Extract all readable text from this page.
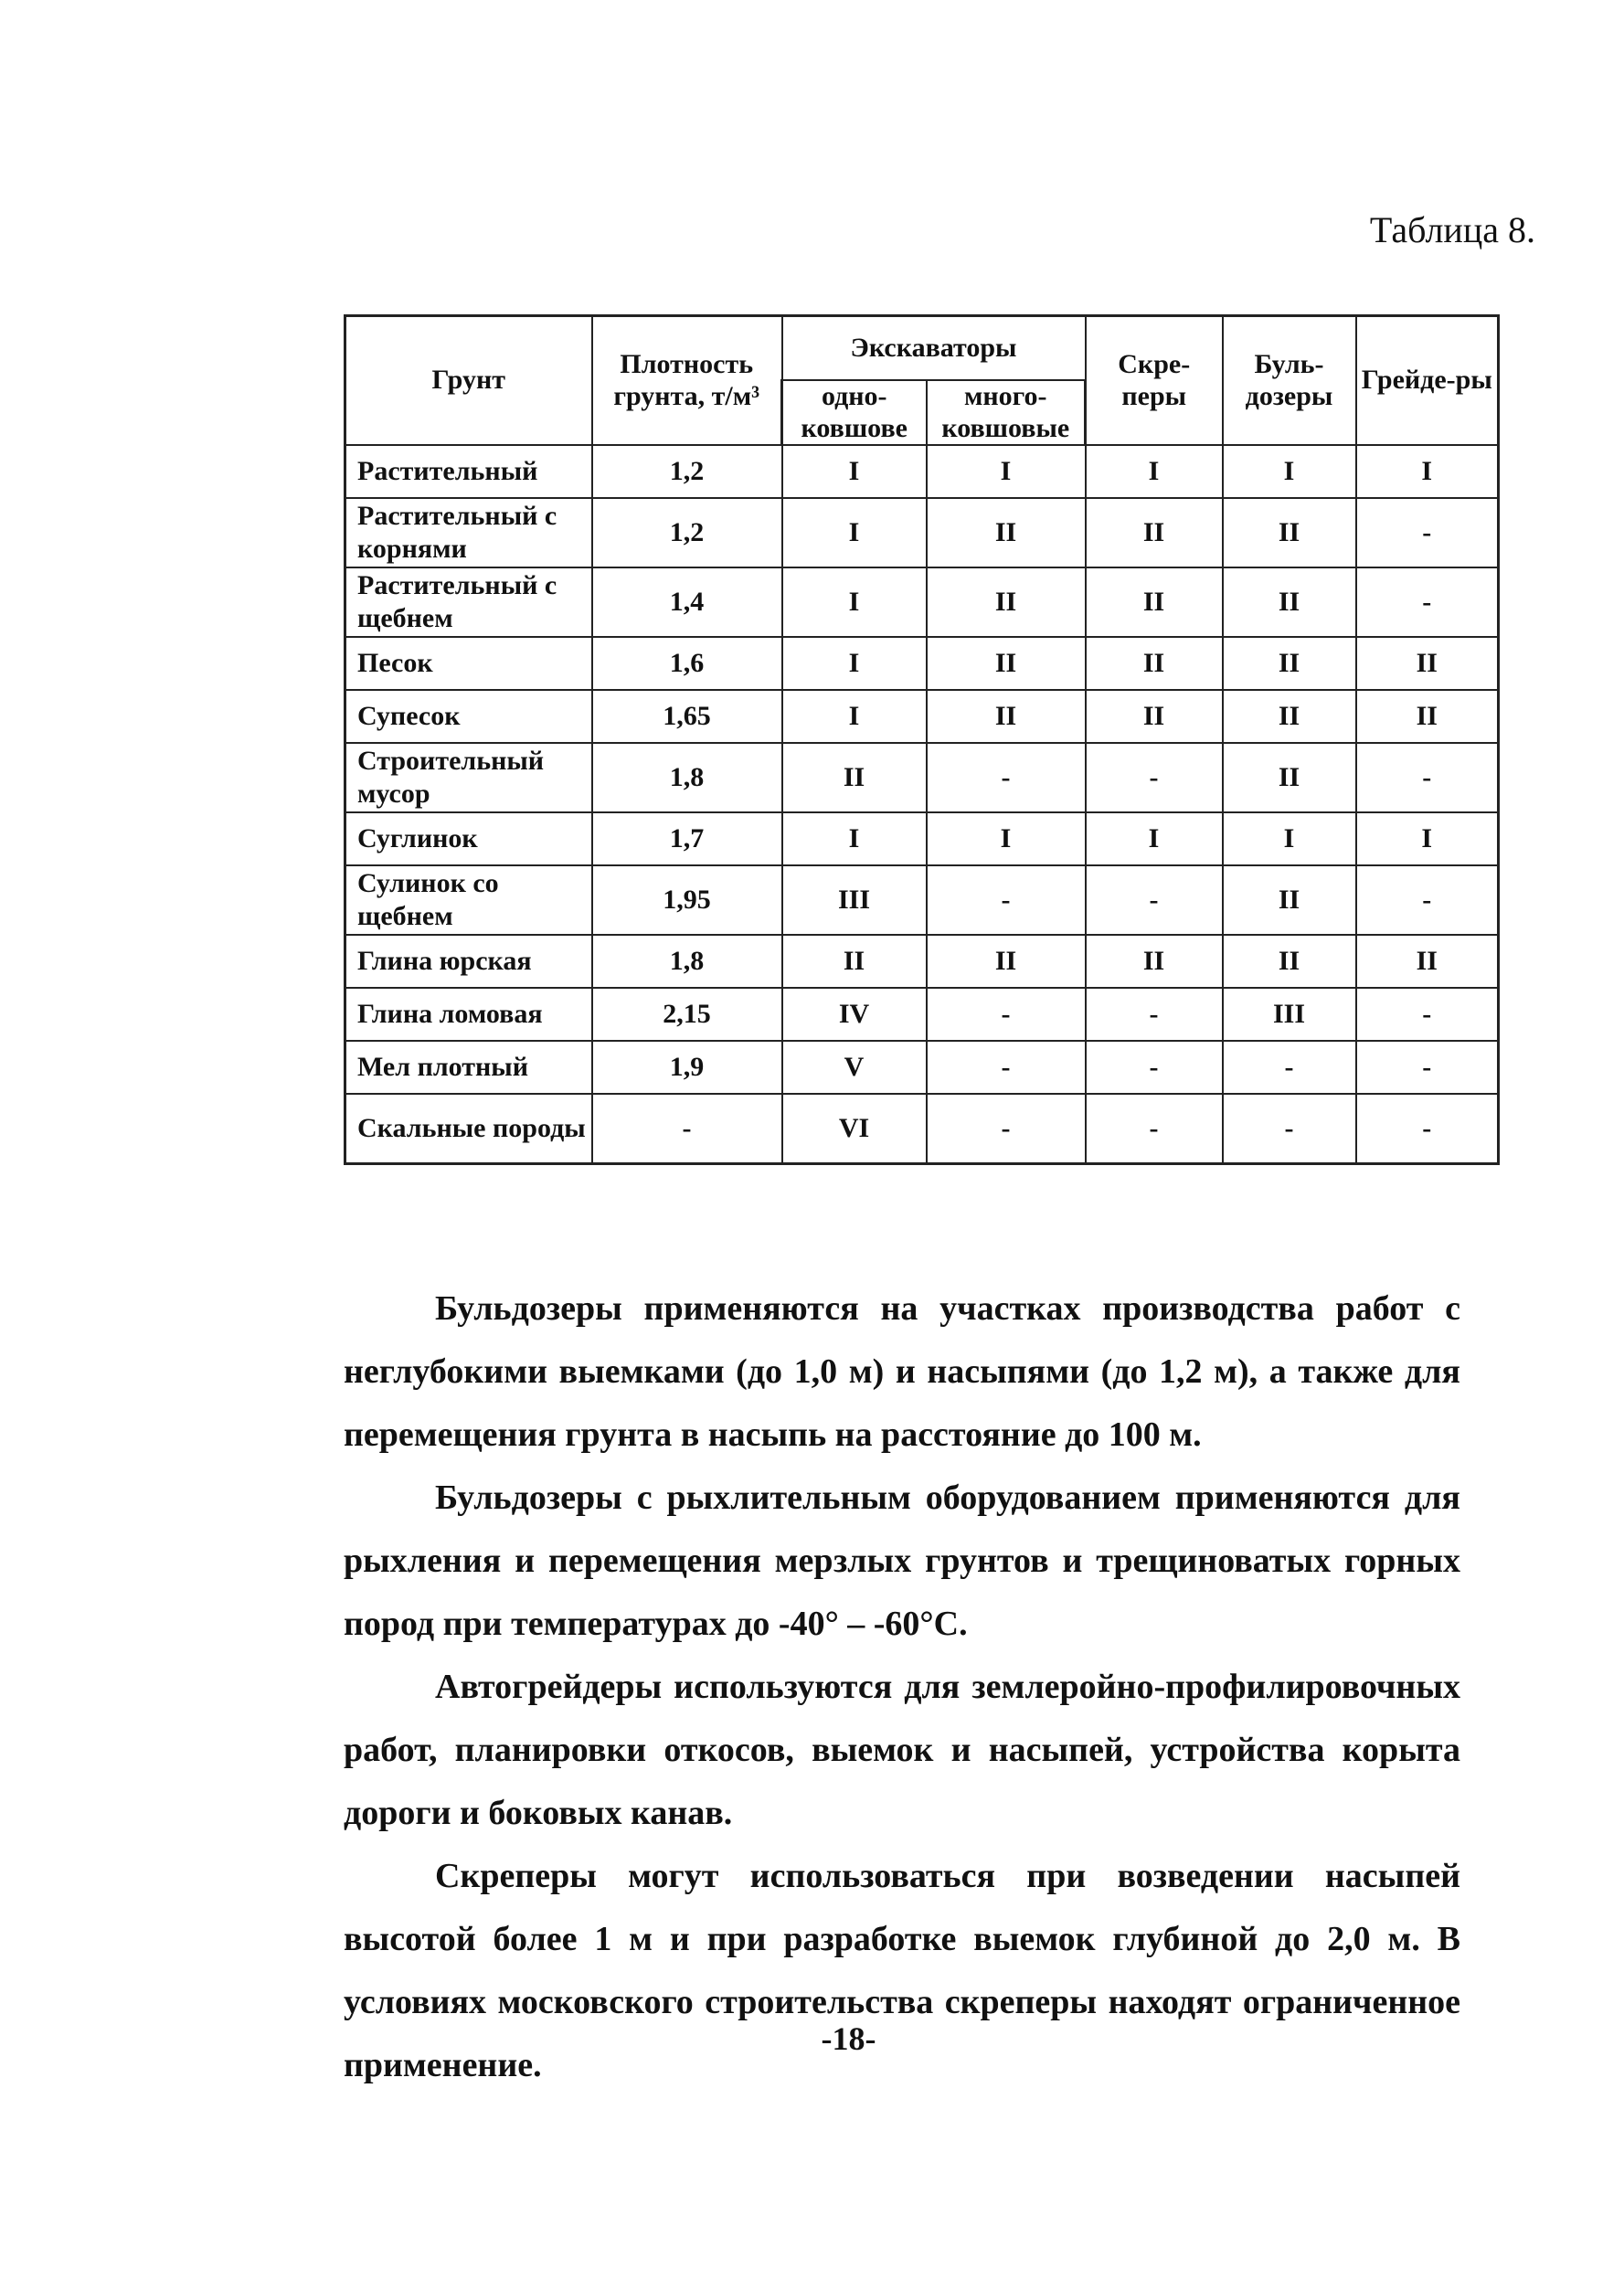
Таблица 8.
Грунт	Плотность грунта, т/м³	Экскаваторы		Скре-перы	Буль-дозеры	Грейде-ры
		одно-ковшове	много-ковшовые			
Растительный	1,2	I	I	I	I	I
Растительный с корнями	1,2	I	II	II	II	-
Растительный с щебнем	1,4	I	II	II	II	-
Песок	1,6	I	II	II	II	II
Супесок	1,65	I	II	II	II	II
Строительный мусор	1,8	II	-	-	II	-
Суглинок	1,7	I	I	I	I	I
Сулинок со щебнем	1,95	III	-	-	II	-
Глина юрская	1,8	II	II	II	II	II
Глина ломовая	2,15	IV	-	-	III	-
Мел плотный	1,9	V	-	-	-	-
Скальные породы	-	VI	-	-	-	-

Бульдозеры применяются на участках производства работ с неглубокими выемками (до 1,0 м) и насыпями (до 1,2 м), а также для перемещения грунта в насыпь на расстояние до 100 м.

Бульдозеры с рыхлительным оборудованием применяются для рыхления и перемещения мерзлых грунтов и трещиноватых горных пород при температурах до -40° – -60°С.

Автогрейдеры используются для землеройно-профилировочных работ, планировки откосов, выемок и насыпей, устройства корыта дороги и боковых канав.

Скреперы могут использоваться при возведении насыпей высотой более 1 м и при разработке выемок глубиной до 2,0 м. В условиях московского строительства скреперы находят ограниченное применение.

-18-
